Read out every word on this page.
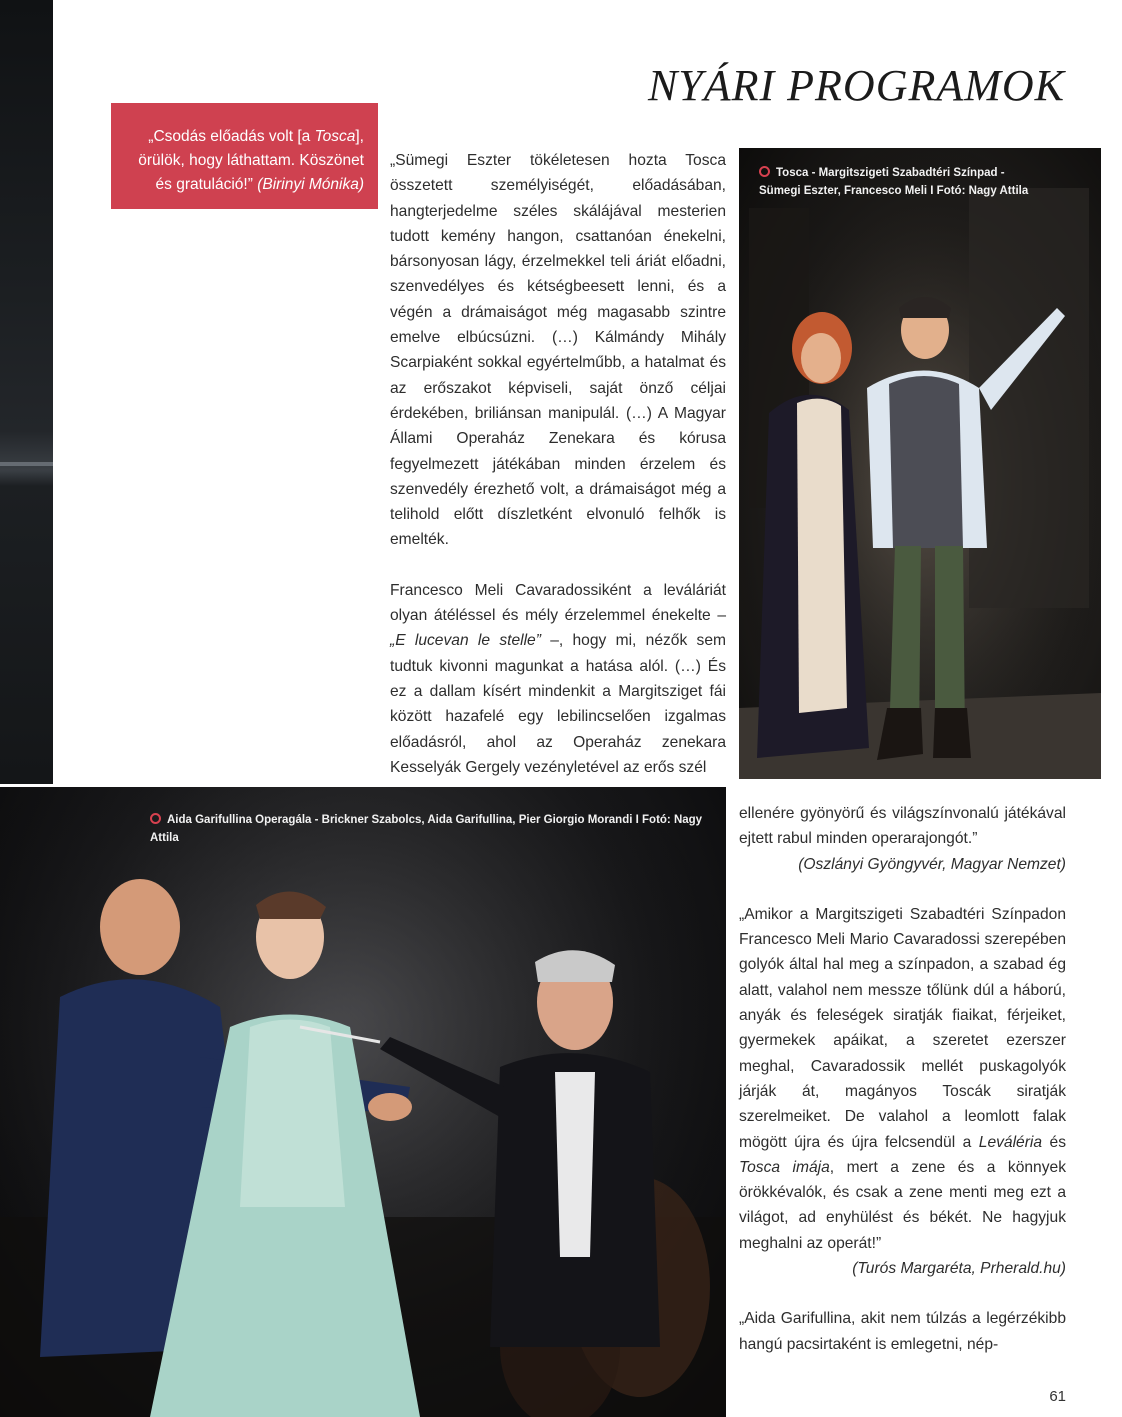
NYÁRI PROGRAMOK
„Csodás előadás volt [a Tosca], örülök, hogy láthattam. Köszönet és gratuláció!” (Birinyi Mónika)

„Sümegi Eszter tökéletesen hozta Tosca összetett személyiségét, előadásában, hangterjedelme széles skálájával mesterien tudott kemény hangon, csattanóan énekelni, bársonyosan lágy, érzelmekkel teli áriát előadni, szenvedélyes és kétségbeesett lenni, és a végén a drámaiságot még magasabb szintre emelve elbúcsúzni. (…) Kálmándy Mihály Scarpiaként sokkal egyértelműbb, a hatalmat és az erőszakot képviseli, saját önző céljai érdekében, briliánsan manipulál. (…) A Magyar Állami Operaház Zenekara és kórusa fegyelmezett játékában minden érzelem és szenvedély érezhető volt, a drámaiságot még a telihold előtt díszletként elvonuló felhők is emelték.

Francesco Meli Cavaradossiként a leváláriát olyan átéléssel és mély érzelemmel énekelte – „E lucevan le stelle” –, hogy mi, nézők sem tudtuk kivonni magunkat a hatása alól. (…) És ez a dallam kísért mindenkit a Margitsziget fái között hazafelé egy lebilincselően izgalmas előadásról, ahol az Operaház zenekara Kesselyák Gergely vezényletével az erős szél

Tosca - Margitszigeti Szabadtéri Színpad -
Sümegi Eszter, Francesco Meli I Fotó: Nagy Attila
Aida Garifullina Operagála - Brickner Szabolcs, Aida Garifullina, Pier Giorgio Morandi I Fotó: Nagy Attila

ellenére gyönyörű és világszínvonalú játékával ejtett rabul minden operarajongót.”
(Oszlányi Gyöngyvér, Magyar Nemzet)

„Amikor a Margitszigeti Szabadtéri Színpadon Francesco Meli Mario Cavaradossi szerepében golyók által hal meg a színpadon, a szabad ég alatt, valahol nem messze tőlünk dúl a háború, anyák és feleségek siratják fiaikat, férjeiket, gyermekek apáikat, a szeretet ezerszer meghal, Cavaradossik mellét puskagolyók járják át, magányos Toscák siratják szerelmeiket. De valahol a leomlott falak mögött újra és újra felcsendül a Leváléria és Tosca imája, mert a zene és a könnyek örökkévalók, és csak a zene menti meg ezt a világot, ad enyhülést és békét. Ne hagyjuk meghalni az operát!”
(Turós Margaréta, Prherald.hu)

„Aida Garifullina, akit nem túlzás a legérzékibb hangú pacsirtaként is emlegetni, nép-

61
